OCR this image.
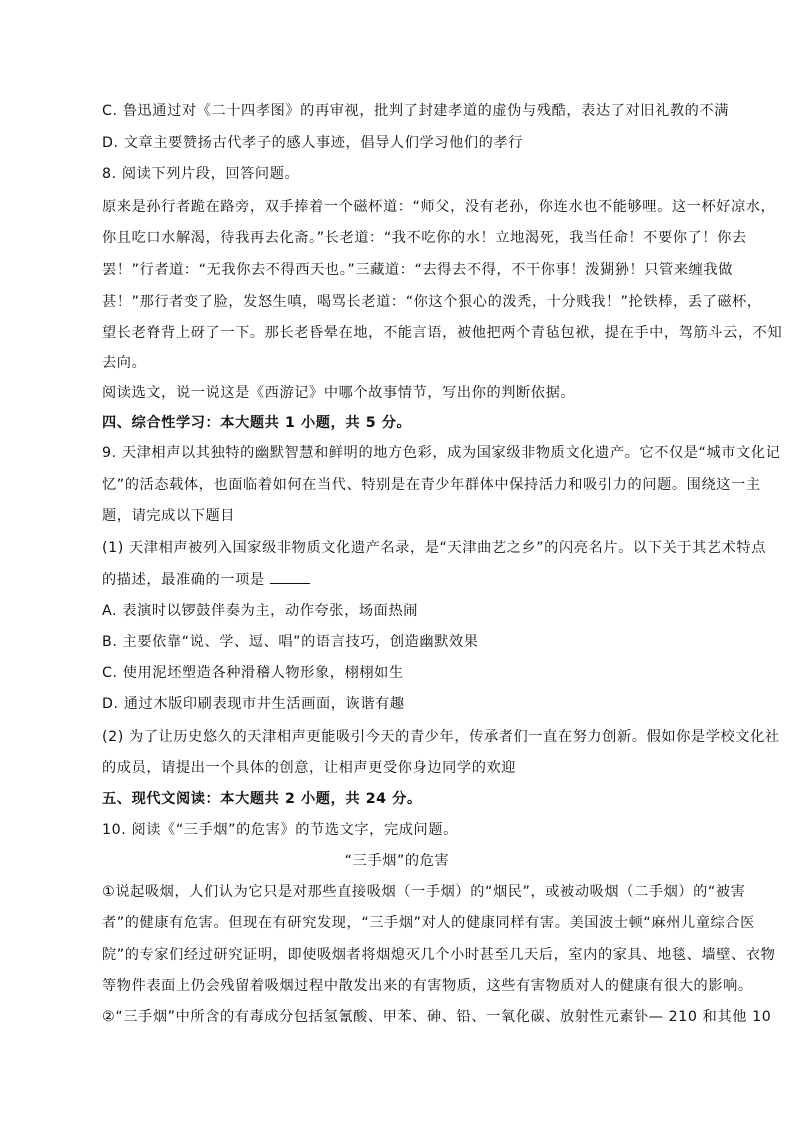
C. 鲁迅通过对《二十四孝图》的再审视，批判了封建孝道的虚伪与残酷，表达了对旧礼教的不满
D. 文章主要赞扬古代孝子的感人事迹，倡导人们学习他们的孝行
8. 阅读下列片段，回答问题。
原来是孙行者跪在路旁，双手捧着一个磁杯道：“师父，没有老孙，你连水也不能够哩。这一杯好凉水，
你且吃口水解渴，待我再去化斋。”长老道：“我不吃你的水！立地渴死，我当任命！不要你了！你去
罢！”行者道：“无我你去不得西天也。”三藏道：“去得去不得，不干你事！泼猢狲！只管来缠我做
甚！”那行者变了脸，发怒生嗔，喝骂长老道：“你这个狠心的泼秃，十分贱我！”抡铁棒，丢了磁杯，
望长老脊背上砑了一下。那长老昏晕在地，不能言语，被他把两个青毡包袱，提在手中，驾筋斗云，不知
去向。
阅读选文，说一说这是《西游记》中哪个故事情节，写出你的判断依据。
四、综合性学习：本大题共 1 小题，共 5 分。
9. 天津相声以其独特的幽默智慧和鲜明的地方色彩，成为国家级非物质文化遗产。它不仅是“城市文化记
忆”的活态载体，也面临着如何在当代、特别是在青少年群体中保持活力和吸引力的问题。围绕这一主
题，请完成以下题目
(1) 天津相声被列入国家级非物质文化遗产名录，是“天津曲艺之乡”的闪亮名片。以下关于其艺术特点
的描述，最准确的一项是
A. 表演时以锣鼓伴奏为主，动作夸张，场面热闹
B. 主要依靠“说、学、逗、唱”的语言技巧，创造幽默效果
C. 使用泥坯塑造各种滑稽人物形象，栩栩如生
D. 通过木版印刷表现市井生活画面，诙谐有趣
(2) 为了让历史悠久的天津相声更能吸引今天的青少年，传承者们一直在努力创新。假如你是学校文化社
的成员，请提出一个具体的创意，让相声更受你身边同学的欢迎
五、现代文阅读：本大题共 2 小题，共 24 分。
10. 阅读《“三手烟”的危害》的节选文字，完成问题。
“三手烟”的危害
①说起吸烟，人们认为它只是对那些直接吸烟（一手烟）的“烟民”，或被动吸烟（二手烟）的“被害
者”的健康有危害。但现在有研究发现，“三手烟”对人的健康同样有害。美国波士顿“麻州儿童综合医
院”的专家们经过研究证明，即使吸烟者将烟熄灭几个小时甚至几天后，室内的家具、地毯、墙壁、衣物
等物件表面上仍会残留着吸烟过程中散发出来的有害物质，这些有害物质对人的健康有很大的影响。
②“三手烟”中所含的有毒成分包括氢氰酸、甲苯、砷、铅、一氧化碳、放射性元素钋— 210 和其他 10
